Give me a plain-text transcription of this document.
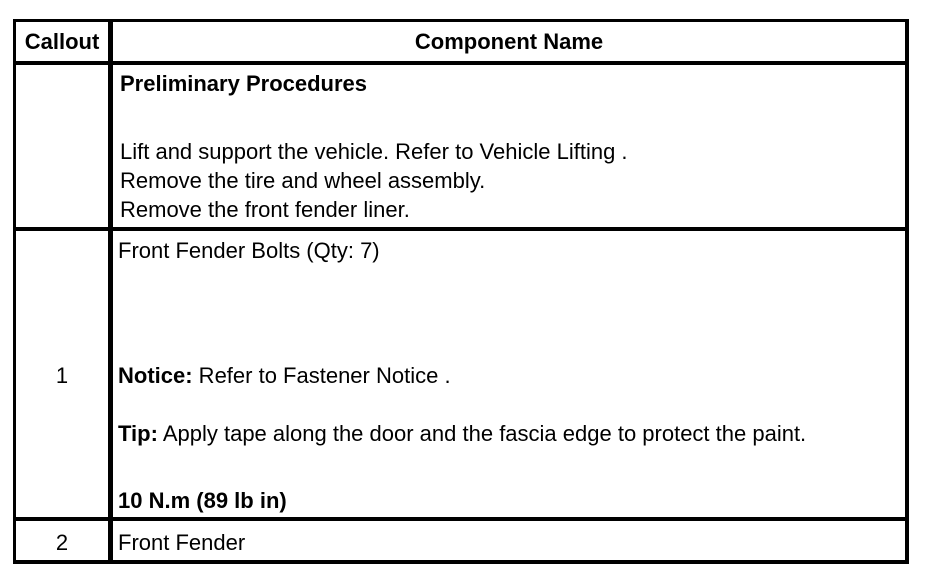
Callout	Component Name
Preliminary Procedures
Lift and support the vehicle. Refer to Vehicle Lifting .
Remove the tire and wheel assembly.
Remove the front fender liner.
1
Front Fender Bolts (Qty: 7)
Notice: Refer to Fastener Notice .
Tip: Apply tape along the door and the fascia edge to protect the paint.
10 N.m (89 lb in)
2	Front Fender
